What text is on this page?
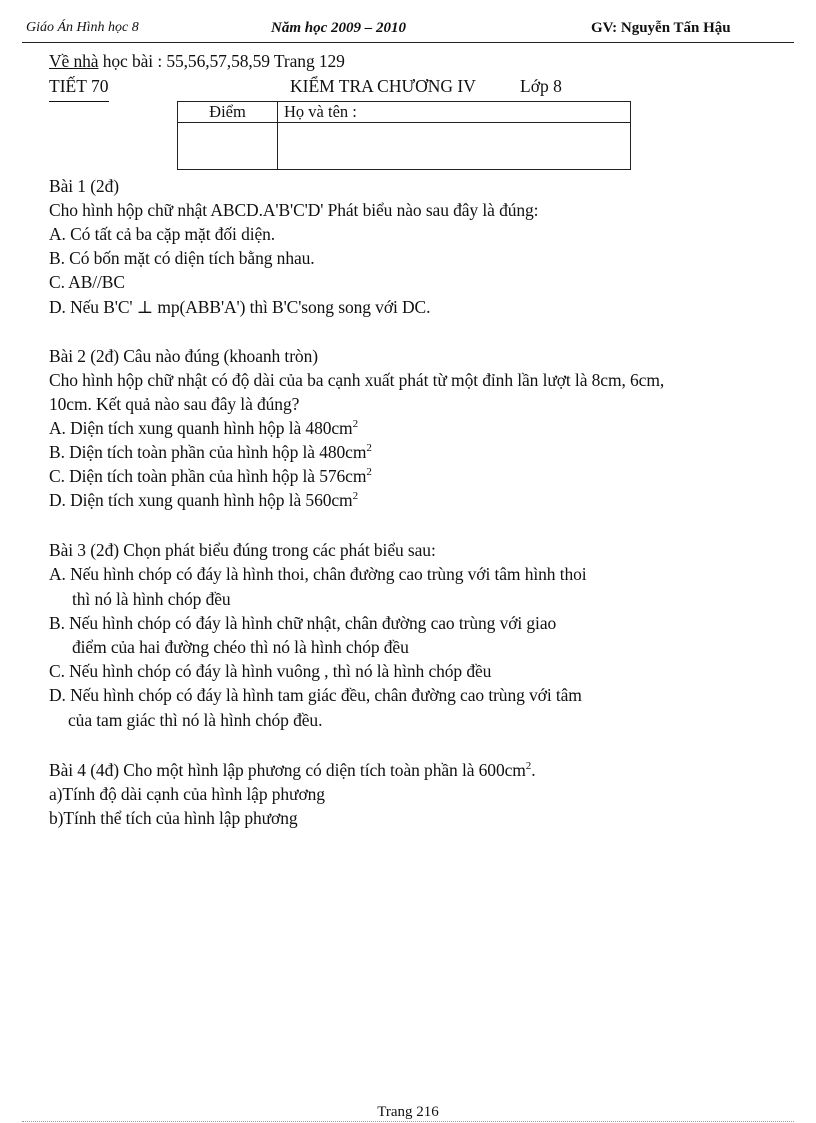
Giáo Án Hình học 8	Năm học 2009 – 2010	GV: Nguyễn Tấn Hậu
Về nhà học bài : 55,56,57,58,59 Trang 129
TIẾT 70	KIỂM TRA CHƯƠNG IV	Lớp 8
Điểm	Họ và tên :

Bài 1 (2đ)
Cho hình hộp chữ nhật ABCD.A'B'C'D' Phát biểu nào sau đây là đúng:
A. Có tất cả ba cặp mặt đối diện.
B. Có bốn mặt có diện tích bằng nhau.
C. AB//BC
D. Nếu B'C' ⊥ mp(ABB'A') thì B'C'song song với DC.
Bài 2 (2đ) Câu nào đúng (khoanh tròn)
Cho hình hộp chữ nhật có độ dài của ba cạnh xuất phát từ một đỉnh lần lượt là 8cm, 6cm,
10cm. Kết quả nào sau đây là đúng?
A. Diện tích xung quanh hình hộp là $480cm^2$
B. Diện tích toàn phần của hình hộp là $480cm^2$
C. Diện tích toàn phần của hình hộp là $576cm^2$
D. Diện tích xung quanh hình hộp là $560cm^2$
Bài 3 (2đ) Chọn phát biểu đúng trong các phát biểu sau:
A. Nếu hình chóp có đáy là hình thoi, chân đường cao trùng với tâm hình thoi
thì nó là hình chóp đều
B. Nếu hình chóp có đáy là hình chữ nhật, chân đường cao trùng với giao
điểm của hai đường chéo thì nó là hình chóp đều
C. Nếu hình chóp có đáy là hình vuông , thì nó là hình chóp đều
D. Nếu hình chóp có đáy là hình tam giác đều, chân đường cao trùng với tâm
của tam giác thì nó là hình chóp đều.
Bài 4 (4đ) Cho một hình lập phương có diện tích toàn phần là $600cm^2$.
a)Tính độ dài cạnh của hình lập phương
b)Tính thể tích của hình lập phương
Trang 216
